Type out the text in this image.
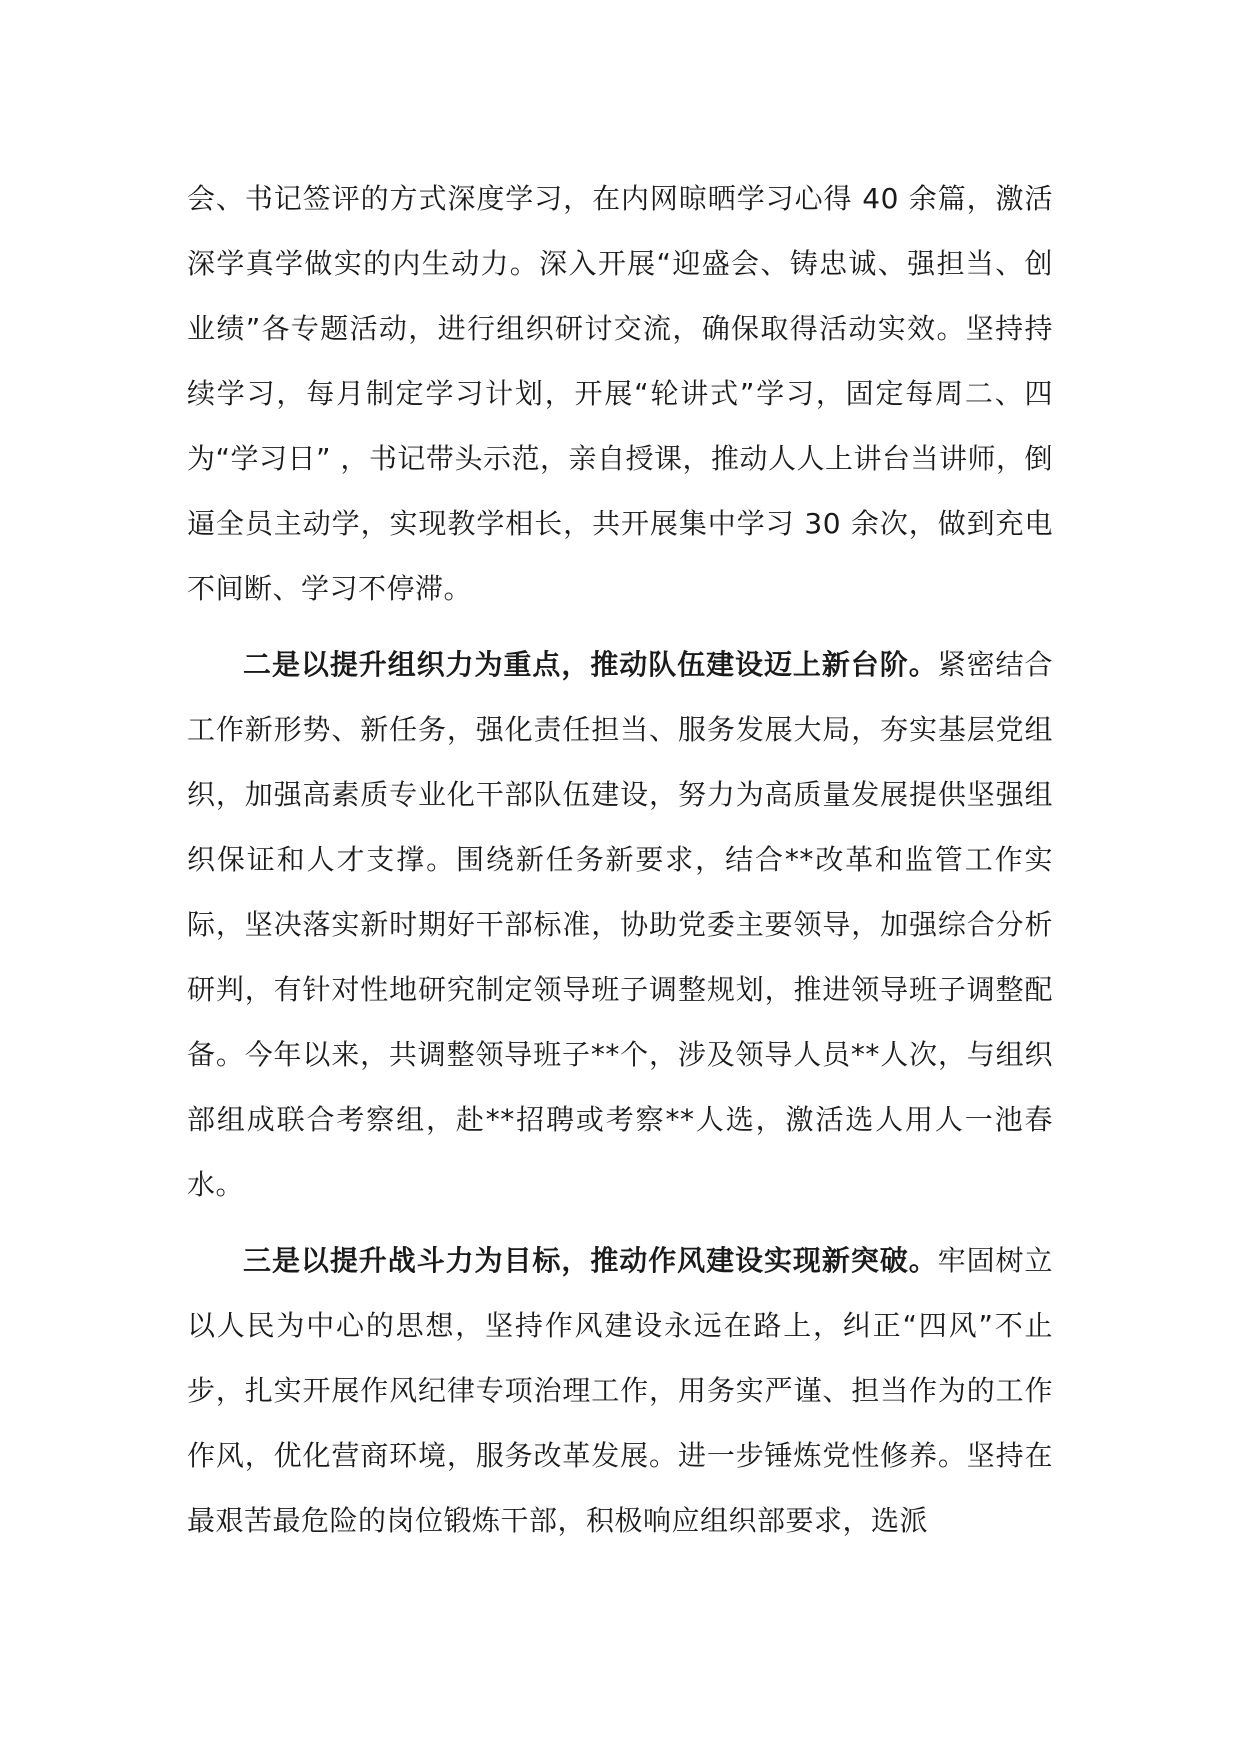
会、书记签评的方式深度学习，在内网晾晒学习心得 40 余篇，激活深学真学做实的内生动力。深入开展“迎盛会、铸忠诚、强担当、创业绩”各专题活动，进行组织研讨交流，确保取得活动实效。坚持持续学习，每月制定学习计划，开展“轮讲式”学习，固定每周二、四为“学习日” ，书记带头示范，亲自授课，推动人人上讲台当讲师，倒逼全员主动学，实现教学相长，共开展集中学习 30 余次，做到充电不间断、学习不停滞。

二是以提升组织力为重点，推动队伍建设迈上新台阶。紧密结合工作新形势、新任务，强化责任担当、服务发展大局，夯实基层党组织，加强高素质专业化干部队伍建设，努力为高质量发展提供坚强组织保证和人才支撑。围绕新任务新要求，结合**改革和监管工作实际，坚决落实新时期好干部标准，协助党委主要领导，加强综合分析研判，有针对性地研究制定领导班子调整规划，推进领导班子调整配备。今年以来，共调整领导班子**个，涉及领导人员**人次，与组织部组成联合考察组，赴**招聘或考察**人选，激活选人用人一池春水。

三是以提升战斗力为目标，推动作风建设实现新突破。牢固树立以人民为中心的思想，坚持作风建设永远在路上，纠正“四风”不止步，扎实开展作风纪律专项治理工作，用务实严谨、担当作为的工作作风，优化营商环境，服务改革发展。进一步锤炼党性修养。坚持在最艰苦最危险的岗位锻炼干部，积极响应组织部要求，选派
